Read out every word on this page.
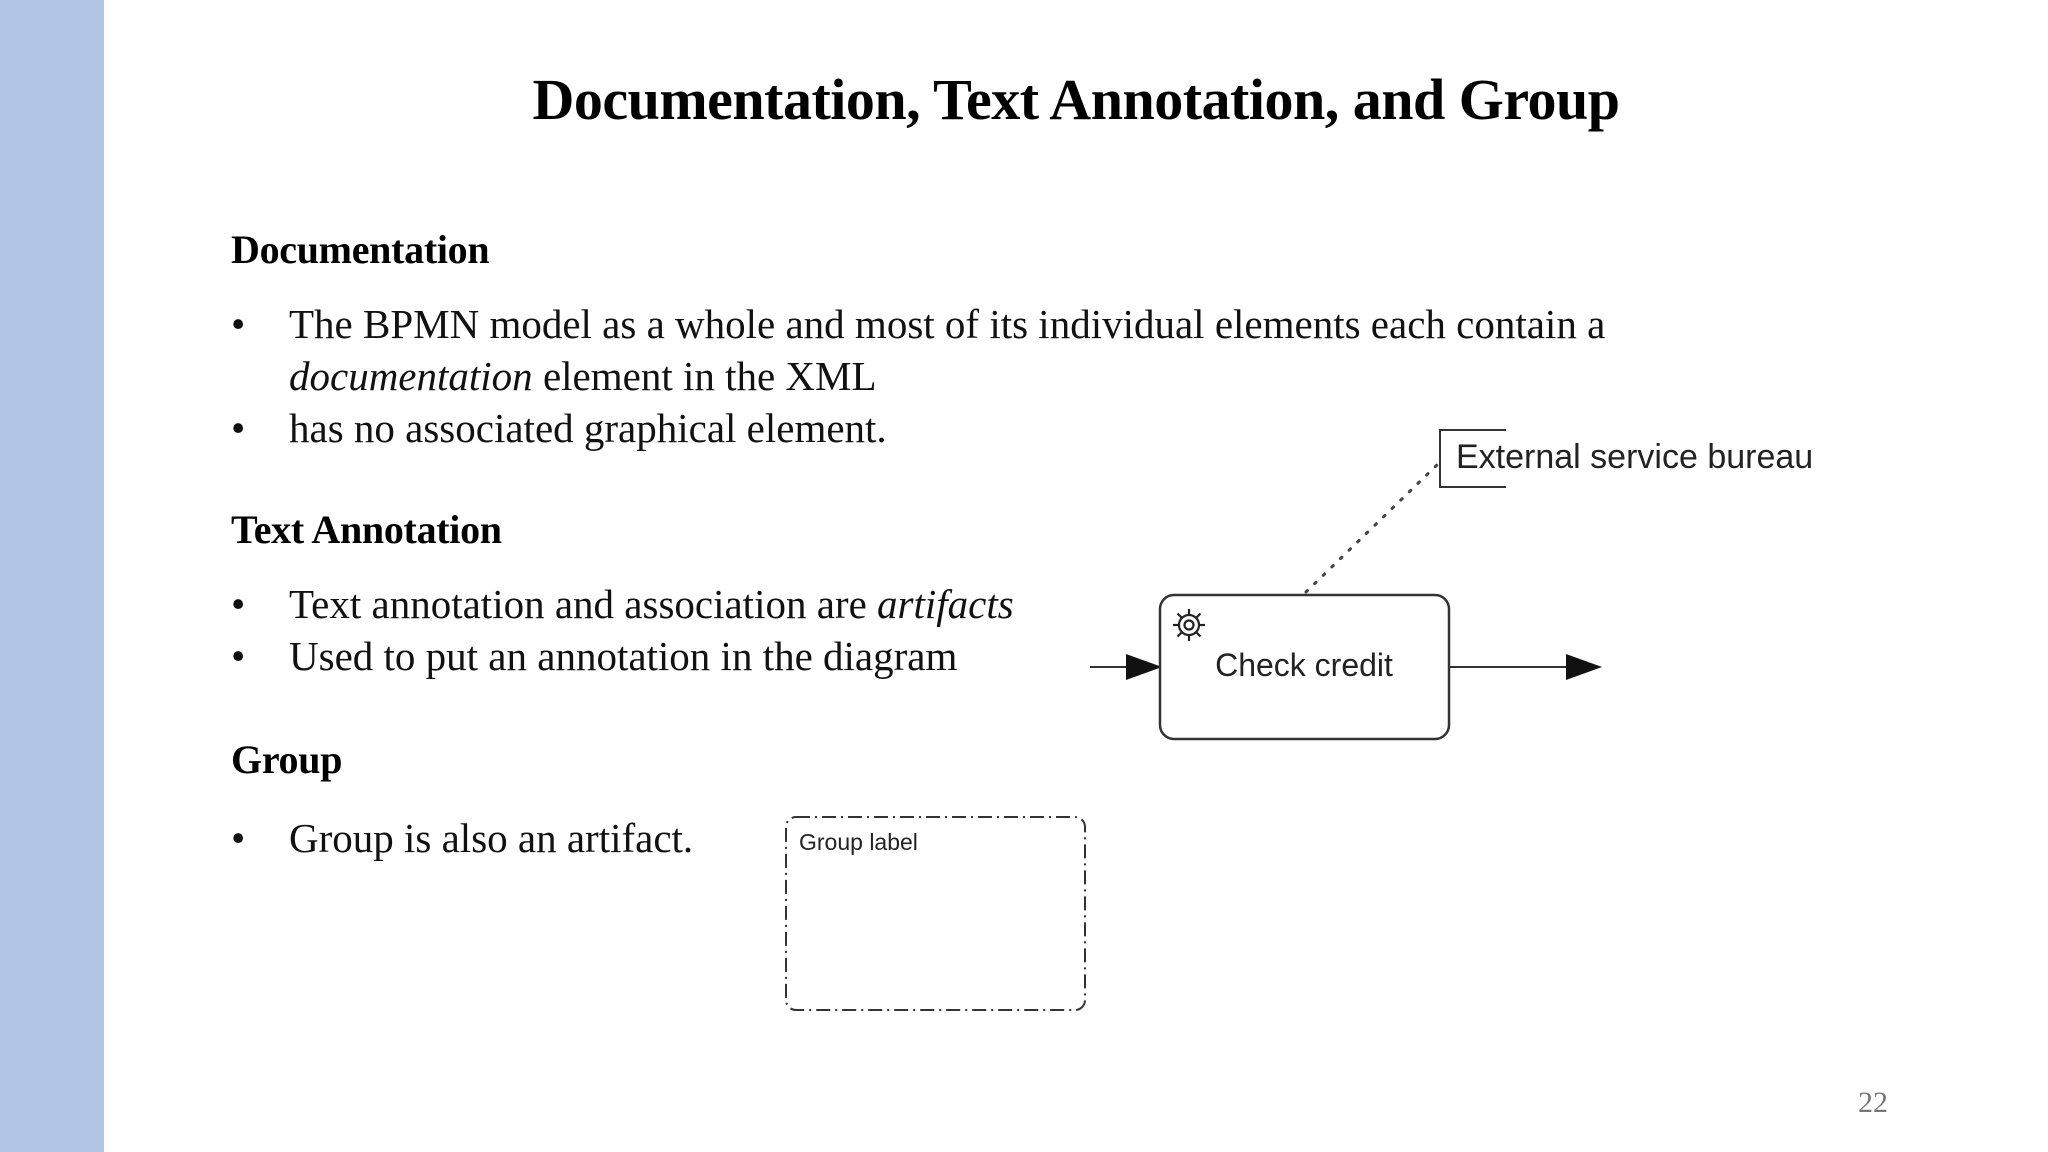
Documentation, Text Annotation, and Group
Documentation
• The BPMN model as a whole and most of its individual elements each contain a
documentation element in the XML
• has no associated graphical element.
Text Annotation
• Text annotation and association are artifacts
• Used to put an annotation in the diagram
Group
• Group is also an artifact.
Check credit
External service bureau
Group label
22
